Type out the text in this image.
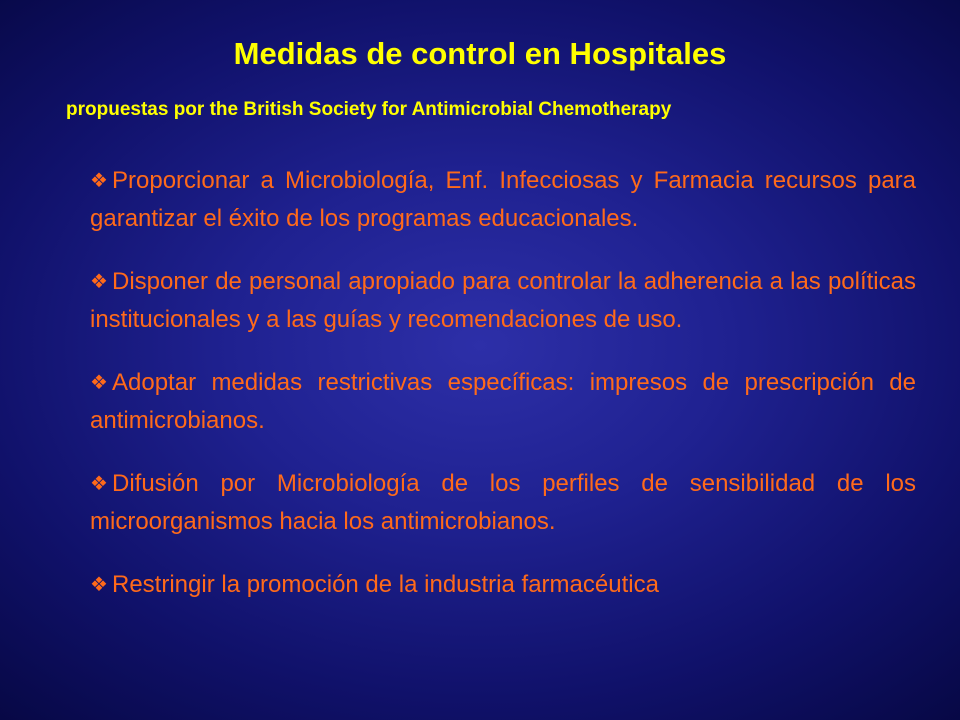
Medidas de control en Hospitales

propuestas por the British Society for Antimicrobial Chemotherapy

❖ Proporcionar a Microbiología, Enf. Infecciosas y Farmacia recursos para garantizar el éxito de los programas educacionales.
❖ Disponer de personal apropiado para controlar la adherencia a las políticas institucionales y a las guías y recomendaciones de uso.
❖ Adoptar medidas restrictivas específicas: impresos de prescripción de antimicrobianos.
❖ Difusión por Microbiología de los perfiles de sensibilidad de los microorganismos hacia los antimicrobianos.
❖ Restringir la promoción de la industria farmacéutica
